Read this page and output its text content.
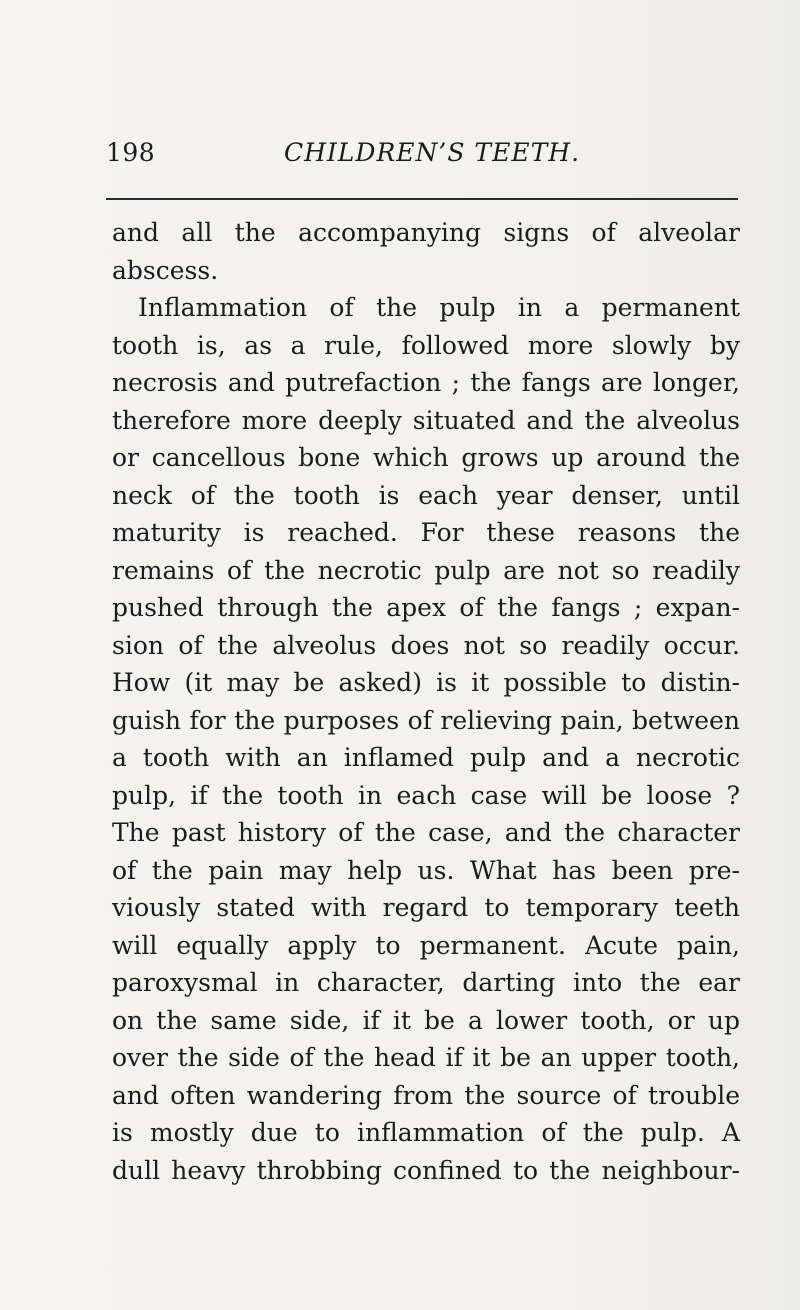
198	CHILDREN’S TEETH.
and all the accompanying signs of alveolar
abscess.
Inflammation of the pulp in a permanent
tooth is, as a rule, followed more slowly by
necrosis and putrefaction ; the fangs are longer,
therefore more deeply situated and the alveolus
or cancellous bone which grows up around the
neck of the tooth is each year denser, until
maturity is reached. For these reasons the
remains of the necrotic pulp are not so readily
pushed through the apex of the fangs ; expan-
sion of the alveolus does not so readily occur.
How (it may be asked) is it possible to distin-
guish for the purposes of relieving pain, between
a tooth with an inflamed pulp and a necrotic
pulp, if the tooth in each case will be loose ?
The past history of the case, and the character
of the pain may help us. What has been pre-
viously stated with regard to temporary teeth
will equally apply to permanent. Acute pain,
paroxysmal in character, darting into the ear
on the same side, if it be a lower tooth, or up
over the side of the head if it be an upper tooth,
and often wandering from the source of trouble
is mostly due to inflammation of the pulp. A
dull heavy throbbing confined to the neighbour-
